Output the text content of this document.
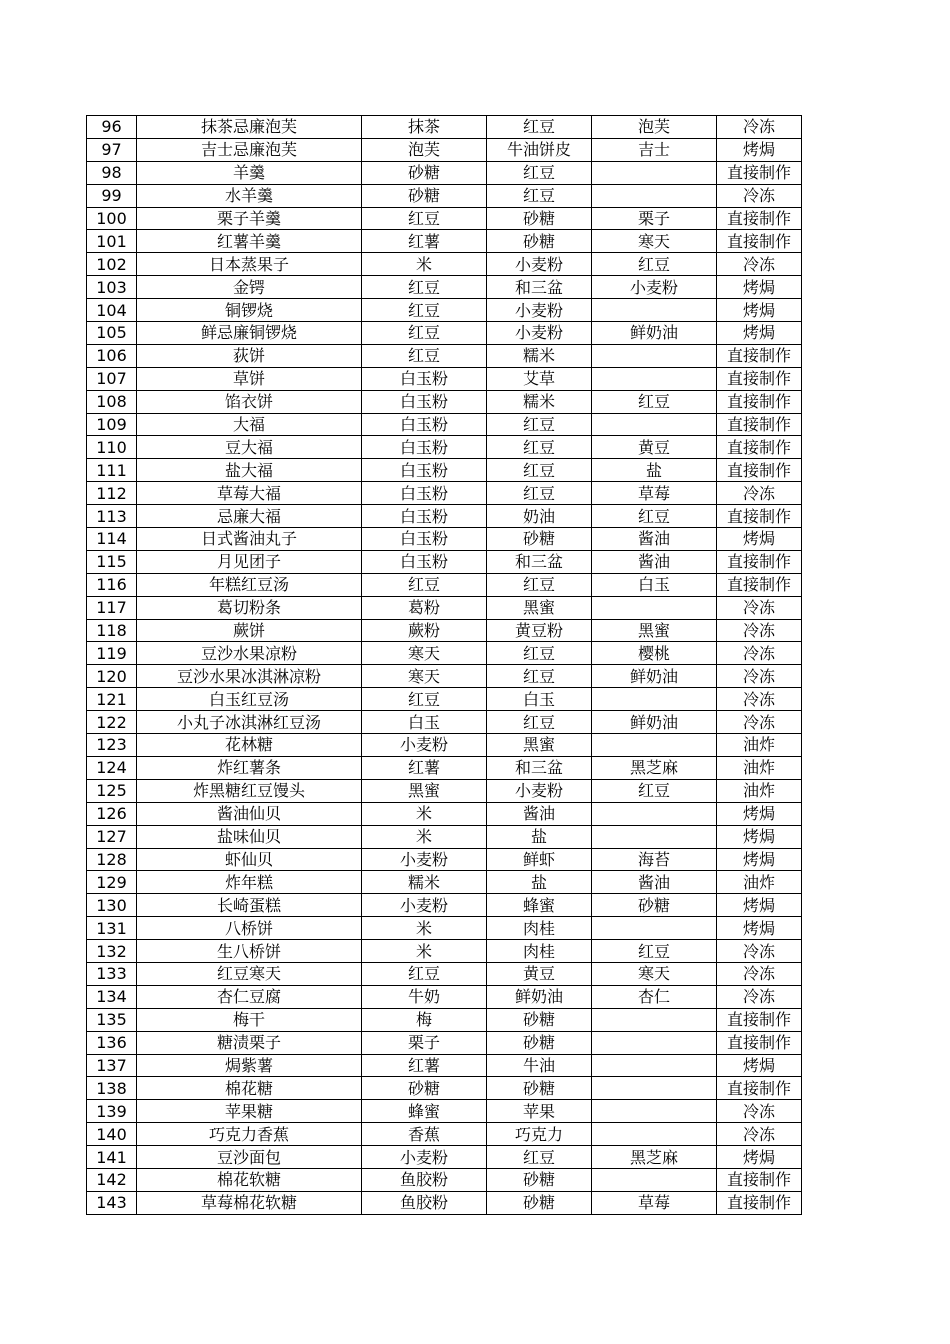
96	抹茶忌廉泡芙	抹茶	红豆	泡芙	冷冻
97	吉士忌廉泡芙	泡芙	牛油饼皮	吉士	烤焗
98	羊羹	砂糖	红豆		直接制作
99	水羊羹	砂糖	红豆		冷冻
100	栗子羊羹	红豆	砂糖	栗子	直接制作
101	红薯羊羹	红薯	砂糖	寒天	直接制作
102	日本蒸果子	米	小麦粉	红豆	冷冻
103	金锷	红豆	和三盆	小麦粉	烤焗
104	铜锣烧	红豆	小麦粉		烤焗
105	鲜忌廉铜锣烧	红豆	小麦粉	鲜奶油	烤焗
106	荻饼	红豆	糯米		直接制作
107	草饼	白玉粉	艾草		直接制作
108	馅衣饼	白玉粉	糯米	红豆	直接制作
109	大福	白玉粉	红豆		直接制作
110	豆大福	白玉粉	红豆	黄豆	直接制作
111	盐大福	白玉粉	红豆	盐	直接制作
112	草莓大福	白玉粉	红豆	草莓	冷冻
113	忌廉大福	白玉粉	奶油	红豆	直接制作
114	日式酱油丸子	白玉粉	砂糖	酱油	烤焗
115	月见团子	白玉粉	和三盆	酱油	直接制作
116	年糕红豆汤	红豆	红豆	白玉	直接制作
117	葛切粉条	葛粉	黑蜜		冷冻
118	蕨饼	蕨粉	黄豆粉	黑蜜	冷冻
119	豆沙水果凉粉	寒天	红豆	樱桃	冷冻
120	豆沙水果冰淇淋凉粉	寒天	红豆	鲜奶油	冷冻
121	白玉红豆汤	红豆	白玉		冷冻
122	小丸子冰淇淋红豆汤	白玉	红豆	鲜奶油	冷冻
123	花林糖	小麦粉	黑蜜		油炸
124	炸红薯条	红薯	和三盆	黑芝麻	油炸
125	炸黑糖红豆馒头	黑蜜	小麦粉	红豆	油炸
126	酱油仙贝	米	酱油		烤焗
127	盐味仙贝	米	盐		烤焗
128	虾仙贝	小麦粉	鲜虾	海苔	烤焗
129	炸年糕	糯米	盐	酱油	油炸
130	长崎蛋糕	小麦粉	蜂蜜	砂糖	烤焗
131	八桥饼	米	肉桂		烤焗
132	生八桥饼	米	肉桂	红豆	冷冻
133	红豆寒天	红豆	黄豆	寒天	冷冻
134	杏仁豆腐	牛奶	鲜奶油	杏仁	冷冻
135	梅干	梅	砂糖		直接制作
136	糖渍栗子	栗子	砂糖		直接制作
137	焗紫薯	红薯	牛油		烤焗
138	棉花糖	砂糖	砂糖		直接制作
139	苹果糖	蜂蜜	苹果		冷冻
140	巧克力香蕉	香蕉	巧克力		冷冻
141	豆沙面包	小麦粉	红豆	黑芝麻	烤焗
142	棉花软糖	鱼胶粉	砂糖		直接制作
143	草莓棉花软糖	鱼胶粉	砂糖	草莓	直接制作
